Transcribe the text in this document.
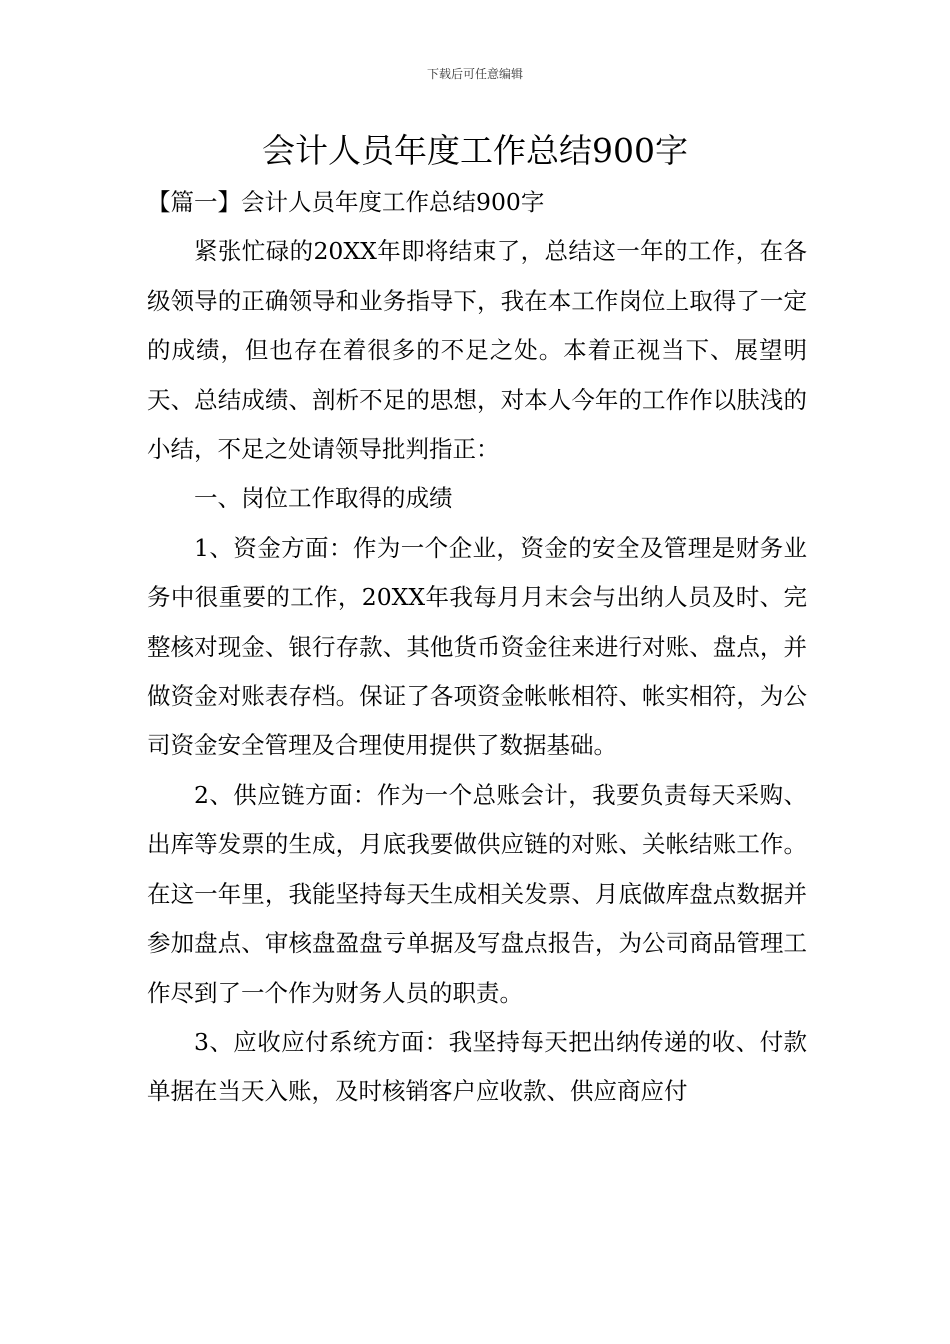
下载后可任意编辑
会计人员年度工作总结900字

【篇一】会计人员年度工作总结900字

紧张忙碌的20XX年即将结束了，总结这一年的工作，在各级领导的正确领导和业务指导下，我在本工作岗位上取得了一定的成绩，但也存在着很多的不足之处。本着正视当下、展望明天、总结成绩、剖析不足的思想，对本人今年的工作作以肤浅的小结，不足之处请领导批判指正：

一、岗位工作取得的成绩

1、资金方面：作为一个企业，资金的安全及管理是财务业务中很重要的工作，20XX年我每月月末会与出纳人员及时、完整核对现金、银行存款、其他货币资金往来进行对账、盘点，并做资金对账表存档。保证了各项资金帐帐相符、帐实相符，为公司资金安全管理及合理使用提供了数据基础。

2、供应链方面：作为一个总账会计，我要负责每天采购、出库等发票的生成，月底我要做供应链的对账、关帐结账工作。在这一年里，我能坚持每天生成相关发票、月底做库盘点数据并参加盘点、审核盘盈盘亏单据及写盘点报告，为公司商品管理工作尽到了一个作为财务人员的职责。

3、应收应付系统方面：我坚持每天把出纳传递的收、付款单据在当天入账，及时核销客户应收款、供应商应付
